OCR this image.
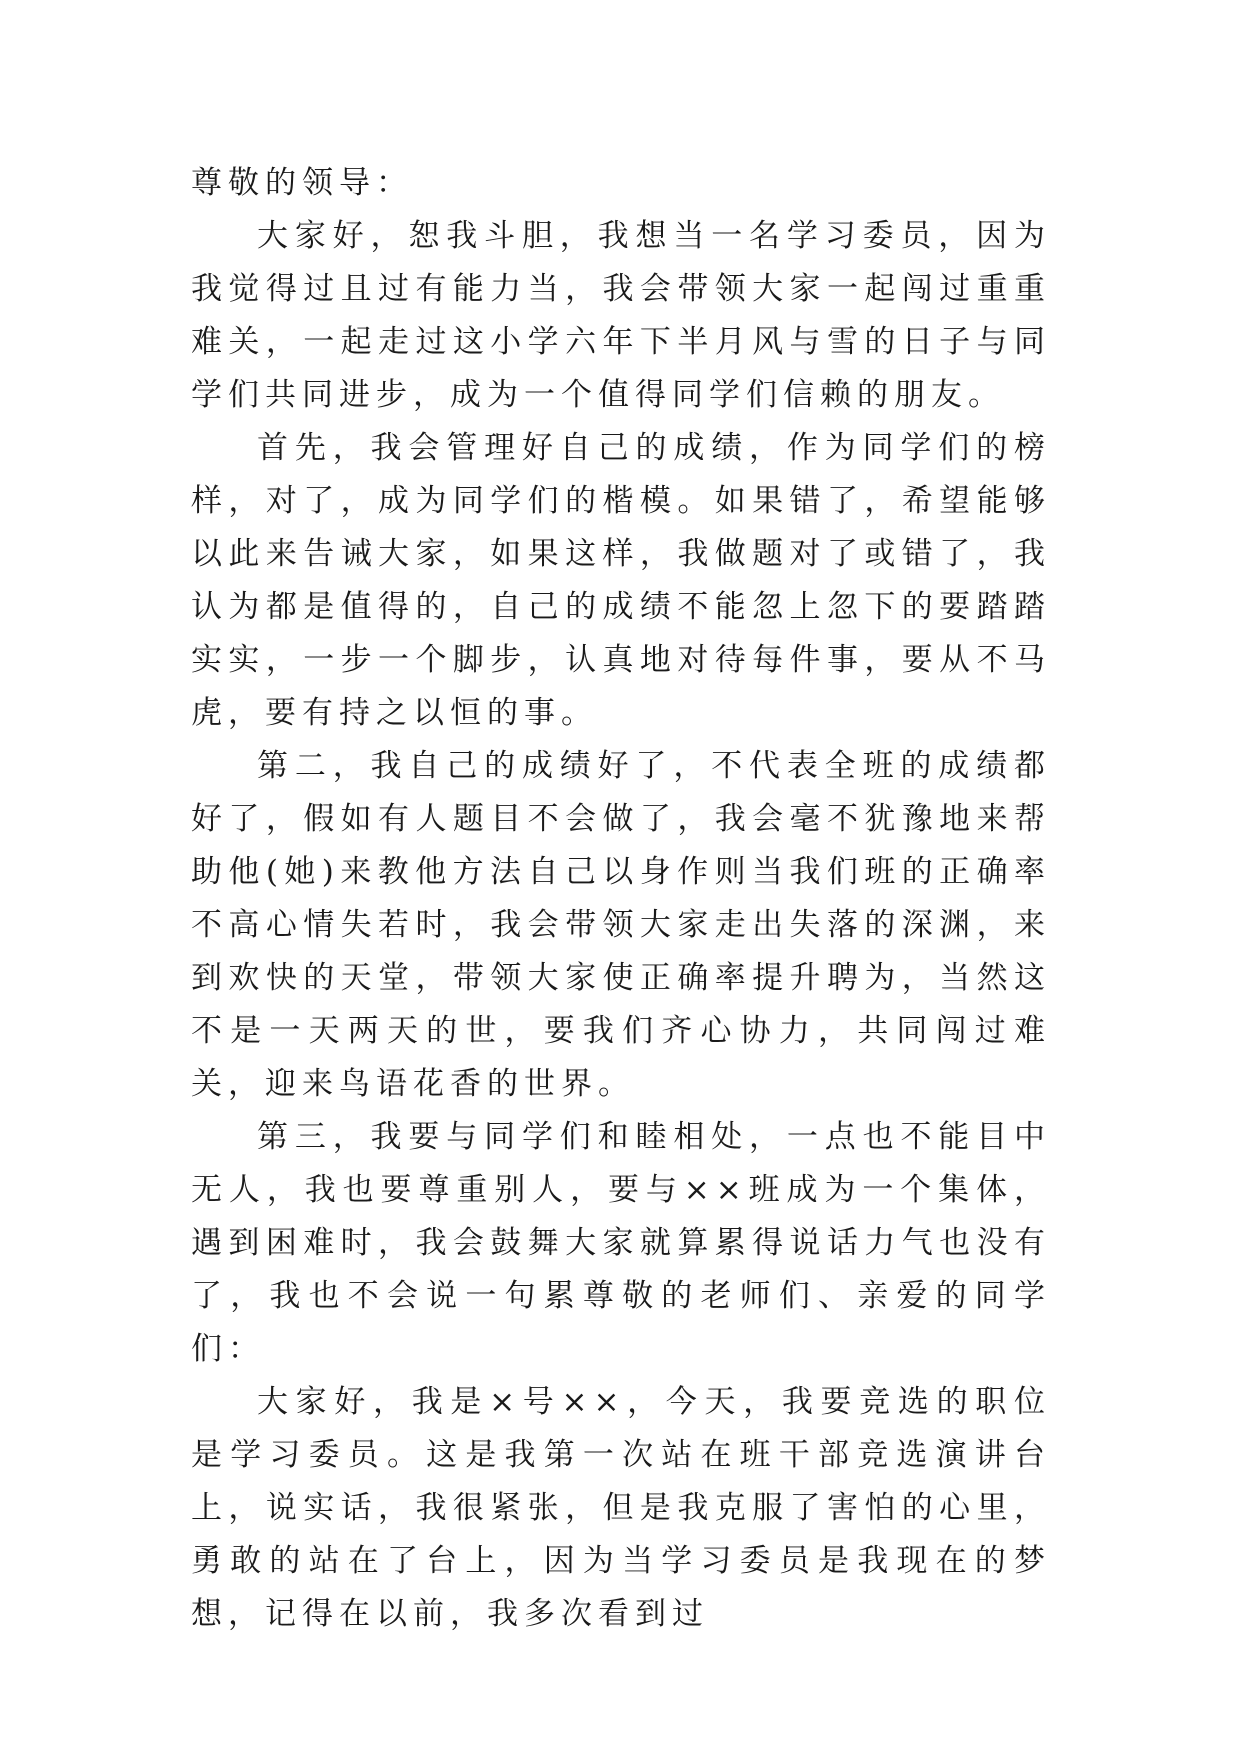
尊敬的领导：

大家好，恕我斗胆，我想当一名学习委员，因为我觉得过且过有能力当，我会带领大家一起闯过重重难关，一起走过这小学六年下半月风与雪的日子与同学们共同进步，成为一个值得同学们信赖的朋友。

首先，我会管理好自己的成绩，作为同学们的榜样，对了，成为同学们的楷模。如果错了，希望能够以此来告诫大家，如果这样，我做题对了或错了，我认为都是值得的，自己的成绩不能忽上忽下的要踏踏实实，一步一个脚步，认真地对待每件事，要从不马虎，要有持之以恒的事。

第二，我自己的成绩好了，不代表全班的成绩都好了，假如有人题目不会做了，我会毫不犹豫地来帮助他(她)来教他方法自己以身作则当我们班的正确率不高心情失若时，我会带领大家走出失落的深渊，来到欢快的天堂，带领大家使正确率提升聘为，当然这不是一天两天的世，要我们齐心协力，共同闯过难关，迎来鸟语花香的世界。

第三，我要与同学们和睦相处，一点也不能目中无人，我也要尊重别人，要与××班成为一个集体，遇到困难时，我会鼓舞大家就算累得说话力气也没有了，我也不会说一句累尊敬的老师们、亲爱的同学们：

大家好，我是×号××，今天，我要竞选的职位是学习委员。这是我第一次站在班干部竞选演讲台上，说实话，我很紧张，但是我克服了害怕的心里，勇敢的站在了台上，因为当学习委员是我现在的梦想，记得在以前，我多次看到过
